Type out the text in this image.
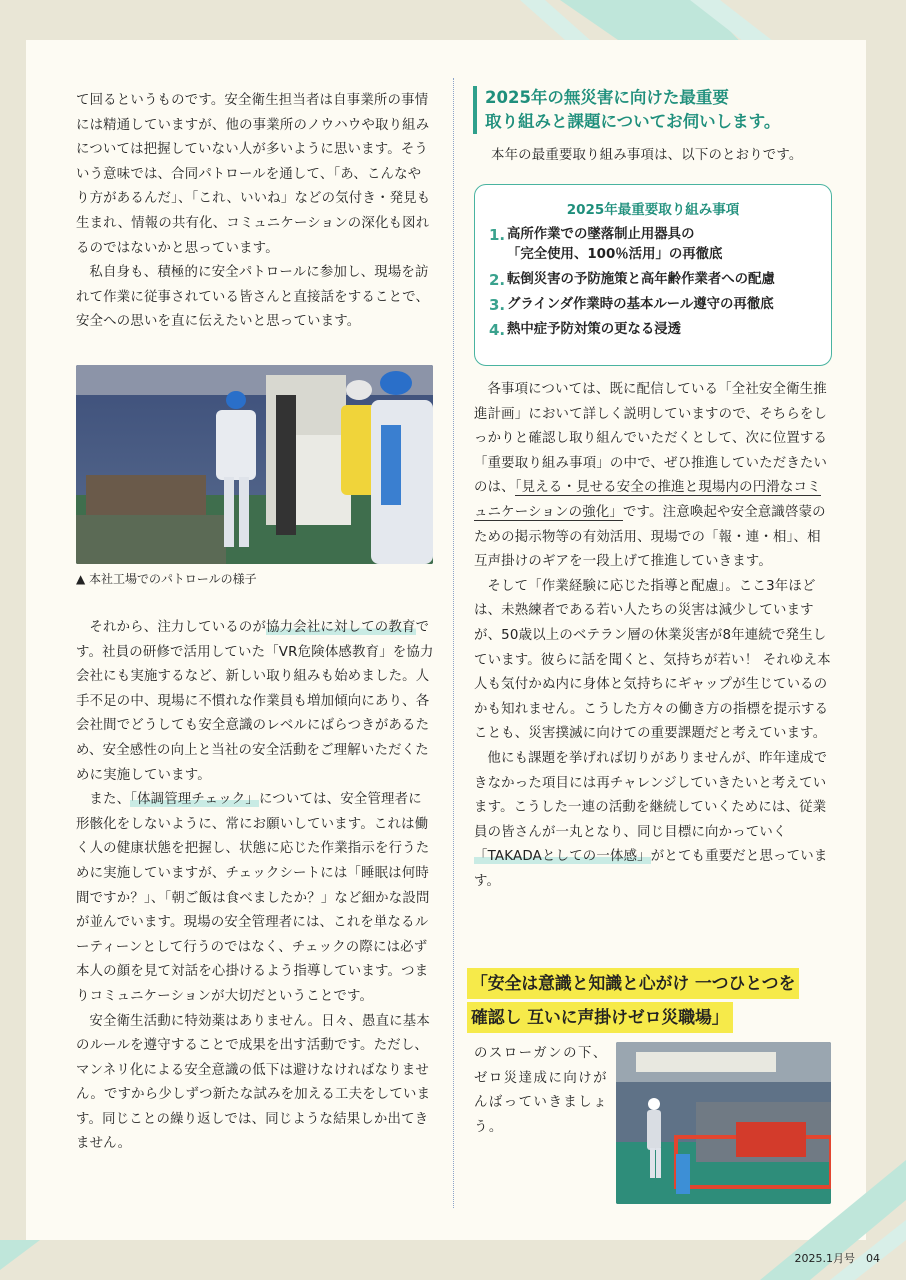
て回るというものです。安全衛生担当者は自事業所の事情には精通していますが、他の事業所のノウハウや取り組みについては把握していない人が多いように思います。そういう意味では、合同パトロールを通して、「あ、こんなやり方があるんだ」、「これ、いいね」などの気付き・発見も生まれ、情報の共有化、コミュニケーションの深化も図れるのではないかと思っています。

私自身も、積極的に安全パトロールに参加し、現場を訪れて作業に従事されている皆さんと直接話をすることで、安全への思いを直に伝えたいと思っています。

▲ 本社工場でのパトロールの様子

それから、注力しているのが協力会社に対しての教育です。社員の研修で活用していた「VR危険体感教育」を協力会社にも実施するなど、新しい取り組みも始めました。人手不足の中、現場に不慣れな作業員も増加傾向にあり、各会社間でどうしても安全意識のレベルにばらつきがあるため、安全感性の向上と当社の安全活動をご理解いただくために実施しています。

また、「体調管理チェック」については、安全管理者に形骸化をしないように、常にお願いしています。これは働く人の健康状態を把握し、状態に応じた作業指示を行うために実施していますが、チェックシートには「睡眠は何時間ですか？」、「朝ご飯は食べましたか？」など細かな設問が並んでいます。現場の安全管理者には、これを単なるルーティーンとして行うのではなく、チェックの際には必ず本人の顔を見て対話を心掛けるよう指導しています。つまりコミュニケーションが大切だということです。

安全衛生活動に特効薬はありません。日々、愚直に基本のルールを遵守することで成果を出す活動です。ただし、マンネリ化による安全意識の低下は避けなければなりません。ですから少しずつ新たな試みを加える工夫をしています。同じことの繰り返しでは、同じような結果しか出てきません。

2025年の無災害に向けた最重要
取り組みと課題についてお伺いします。
本年の最重要取り組み事項は、以下のとおりです。
2025年最重要取り組み事項
1. 高所作業での墜落制止用器具の
「完全使用、100％活用」の再徹底
2. 転倒災害の予防施策と高年齢作業者への配慮
3. グラインダ作業時の基本ルール遵守の再徹底
4. 熱中症予防対策の更なる浸透

各事項については、既に配信している「全社安全衛生推進計画」において詳しく説明していますので、そちらをしっかりと確認し取り組んでいただくとして、次に位置する「重要取り組み事項」の中で、ぜひ推進していただきたいのは、「見える・見せる安全の推進と現場内の円滑なコミュニケーションの強化」です。注意喚起や安全意識啓蒙のための掲示物等の有効活用、現場での「報・連・相」、相互声掛けのギアを一段上げて推進していきます。

そして「作業経験に応じた指導と配慮」。ここ3年ほどは、未熟練者である若い人たちの災害は減少していますが、50歳以上のベテラン層の休業災害が8年連続で発生しています。彼らに話を聞くと、気持ちが若い！ それゆえ本人も気付かぬ内に身体と気持ちにギャップが生じているのかも知れません。こうした方々の働き方の指標を提示することも、災害撲滅に向けての重要課題だと考えています。

他にも課題を挙げれば切りがありませんが、昨年達成できなかった項目には再チャレンジしていきたいと考えています。こうした一連の活動を継続していくためには、従業員の皆さんが一丸となり、同じ目標に向かっていく「TAKADAとしての一体感」がとても重要だと思っています。

「安全は意識と知識と心がけ 一つひとつを
確認し 互いに声掛けゼロ災職場」
のスローガンの下、ゼロ災達成に向けがんばっていきましょう。
2025.1月号　04
